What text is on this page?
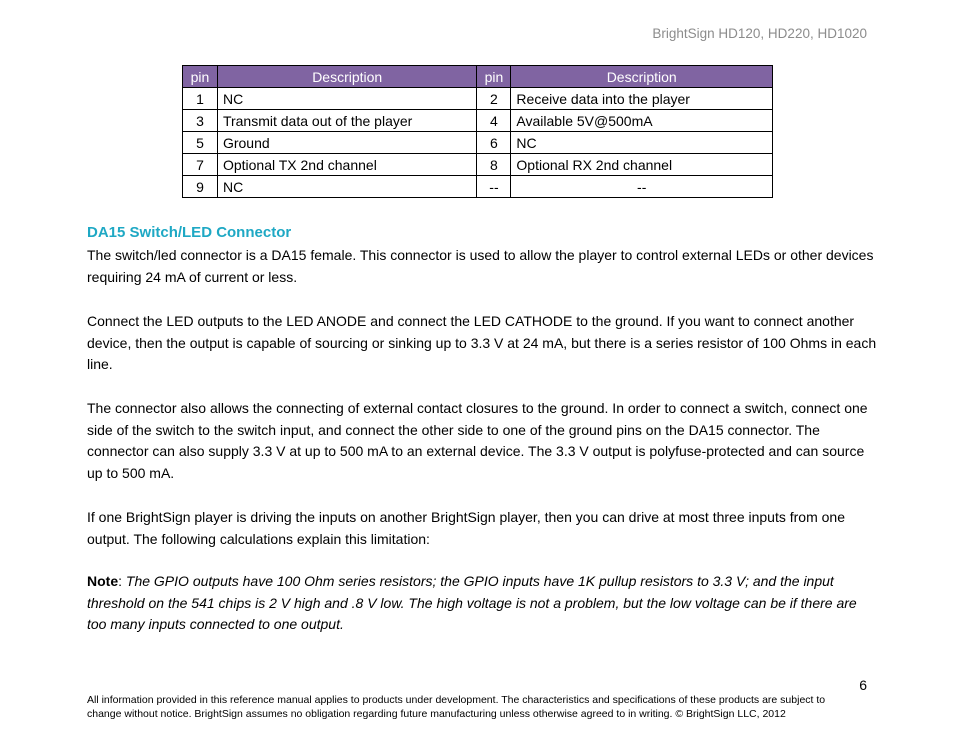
BrightSign HD120, HD220, HD1020
pin	Description	pin	Description
1	NC	2	Receive data into the player
3	Transmit data out of the player	4	Available 5V@500mA
5	Ground	6	NC
7	Optional TX 2nd channel	8	Optional RX 2nd channel
9	NC	--	--
DA15 Switch/LED Connector

The switch/led connector is a DA15 female. This connector is used to allow the player to control external LEDs or other devices requiring 24 mA of current or less.

Connect the LED outputs to the LED ANODE and connect the LED CATHODE to the ground. If you want to connect another device, then the output is capable of sourcing or sinking up to 3.3 V at 24 mA, but there is a series resistor of 100 Ohms in each line.

The connector also allows the connecting of external contact closures to the ground. In order to connect a switch, connect one side of the switch to the switch input, and connect the other side to one of the ground pins on the DA15 connector. The connector can also supply 3.3 V at up to 500 mA to an external device. The 3.3 V output is polyfuse-protected and can source up to 500 mA.

If one BrightSign player is driving the inputs on another BrightSign player, then you can drive at most three inputs from one output. The following calculations explain this limitation:

Note: The GPIO outputs have 100 Ohm series resistors; the GPIO inputs have 1K pullup resistors to 3.3 V; and the input threshold on the 541 chips is 2 V high and .8 V low. The high voltage is not a problem, but the low voltage can be if there are too many inputs connected to one output.

6
All information provided in this reference manual applies to products under development. The characteristics and specifications of these products are subject to change without notice. BrightSign assumes no obligation regarding future manufacturing unless otherwise agreed to in writing. © BrightSign LLC, 2012
